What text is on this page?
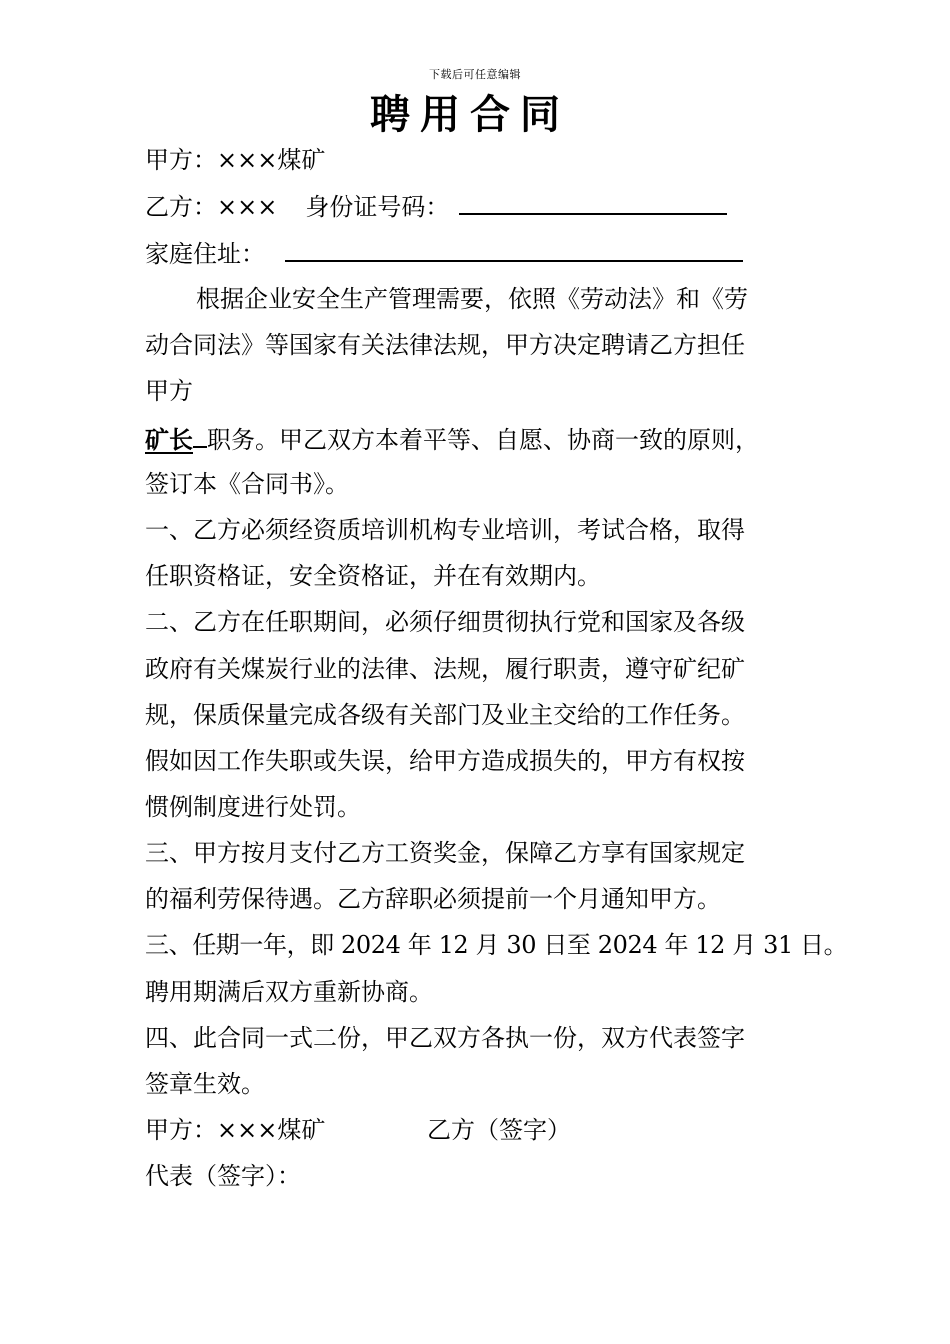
下载后可任意编辑
聘用合同
甲方：×××煤矿
乙方：××× 身份证号码：
家庭住址：
根据企业安全生产管理需要，依照《劳动法》和《劳
动合同法》等国家有关法律法规，甲方决定聘请乙方担任
甲方
矿长 职务。甲乙双方本着平等、自愿、协商一致的原则，
签订本《合同书》。
一、乙方必须经资质培训机构专业培训，考试合格，取得
任职资格证，安全资格证，并在有效期内。
二、乙方在任职期间，必须仔细贯彻执行党和国家及各级
政府有关煤炭行业的法律、法规，履行职责，遵守矿纪矿
规，保质保量完成各级有关部门及业主交给的工作任务。
假如因工作失职或失误，给甲方造成损失的，甲方有权按
惯例制度进行处罚。
三、甲方按月支付乙方工资奖金，保障乙方享有国家规定
的福利劳保待遇。乙方辞职必须提前一个月通知甲方。
三、任期一年，即 2024 年 12 月 30 日至 2024 年 12 月 31 日。
聘用期满后双方重新协商。
四、此合同一式二份，甲乙双方各执一份，双方代表签字
签章生效。
甲方：×××煤矿	乙方（签字）
代表（签字）：
